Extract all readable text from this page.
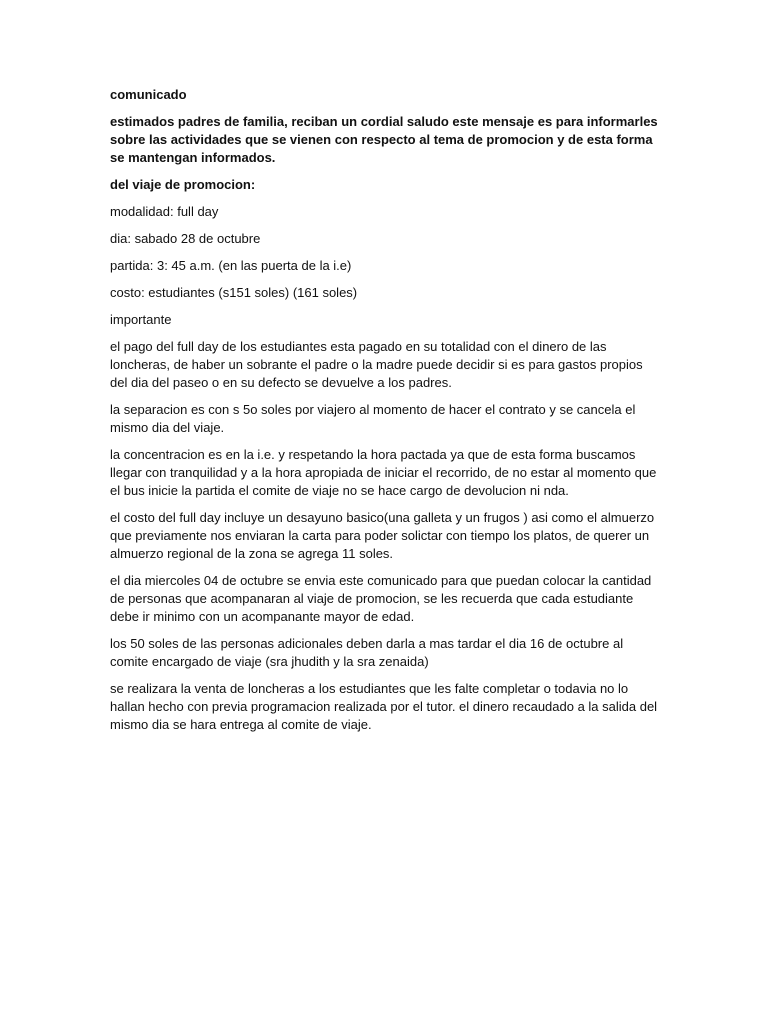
comunicado

estimados padres de familia, reciban un cordial saludo este mensaje es para informarles sobre las actividades que se vienen con respecto al tema de promocion y de esta forma se mantengan informados.

del viaje de promocion:

modalidad: full day

dia: sabado 28 de octubre

partida: 3: 45 a.m. (en las puerta de la i.e)

costo: estudiantes (s151 soles) (161 soles)

importante

el pago del full day de los estudiantes esta pagado en su totalidad con el dinero de las loncheras, de haber un sobrante el padre o la madre puede decidir si es para gastos propios del dia del paseo o en su defecto se devuelve a los padres.

la separacion es con s 5o soles por viajero al momento de hacer el contrato y se cancela el mismo dia del viaje.

la concentracion es en la i.e. y respetando la hora pactada ya que de esta forma buscamos llegar con tranquilidad y a la hora apropiada de iniciar el recorrido, de no estar al momento que el bus inicie la partida el comite de viaje no se hace cargo de devolucion ni nda.

el costo del full day incluye un desayuno basico(una galleta y un frugos ) asi como el almuerzo que previamente nos enviaran la carta para poder solictar con tiempo los platos, de querer un almuerzo regional de la zona se agrega 11 soles.

el dia miercoles 04 de octubre se envia este comunicado para que puedan colocar la cantidad de personas que acompanaran al viaje de promocion, se les recuerda que cada estudiante debe ir minimo con un acompanante mayor de edad.

los 50 soles de las personas adicionales deben darla a mas tardar el dia 16 de octubre al comite encargado de viaje (sra jhudith y la sra zenaida)

se realizara la venta de loncheras a los estudiantes que les falte completar o todavia no lo hallan hecho con previa programacion realizada por el tutor. el dinero recaudado a la salida del mismo dia se hara entrega al comite de viaje.
